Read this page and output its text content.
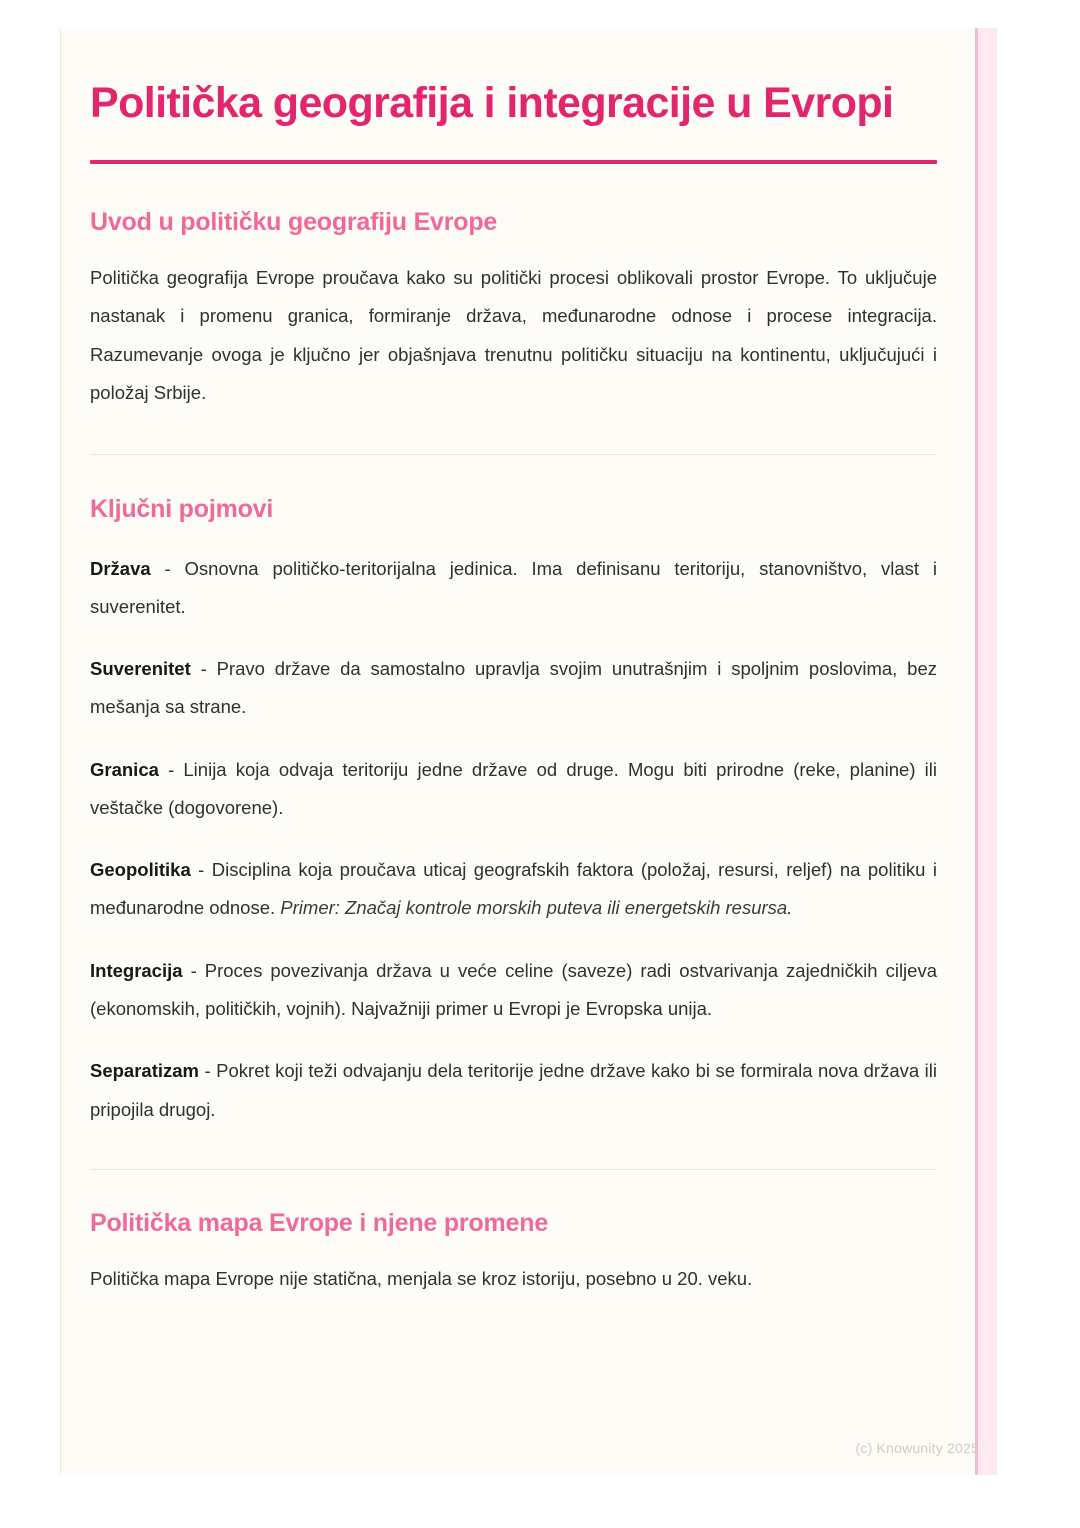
Politička geografija i integracije u Evropi
Uvod u političku geografiju Evrope

Politička geografija Evrope proučava kako su politički procesi oblikovali prostor Evrope. To uključuje nastanak i promenu granica, formiranje država, međunarodne odnose i procese integracija. Razumevanje ovoga je ključno jer objašnjava trenutnu političku situaciju na kontinentu, uključujući i položaj Srbije.

Ključni pojmovi

Država - Osnovna političko-teritorijalna jedinica. Ima definisanu teritoriju, stanovništvo, vlast i suverenitet.

Suverenitet - Pravo države da samostalno upravlja svojim unutrašnjim i spoljnim poslovima, bez mešanja sa strane.

Granica - Linija koja odvaja teritoriju jedne države od druge. Mogu biti prirodne (reke, planine) ili veštačke (dogovorene).

Geopolitika - Disciplina koja proučava uticaj geografskih faktora (položaj, resursi, reljef) na politiku i međunarodne odnose. Primer: Značaj kontrole morskih puteva ili energetskih resursa.

Integracija - Proces povezivanja država u veće celine (saveze) radi ostvarivanja zajedničkih ciljeva (ekonomskih, političkih, vojnih). Najvažniji primer u Evropi je Evropska unija.

Separatizam - Pokret koji teži odvajanju dela teritorije jedne države kako bi se formirala nova država ili pripojila drugoj.

Politička mapa Evrope i njene promene

Politička mapa Evrope nije statična, menjala se kroz istoriju, posebno u 20. veku.

(c) Knowunity 2025
